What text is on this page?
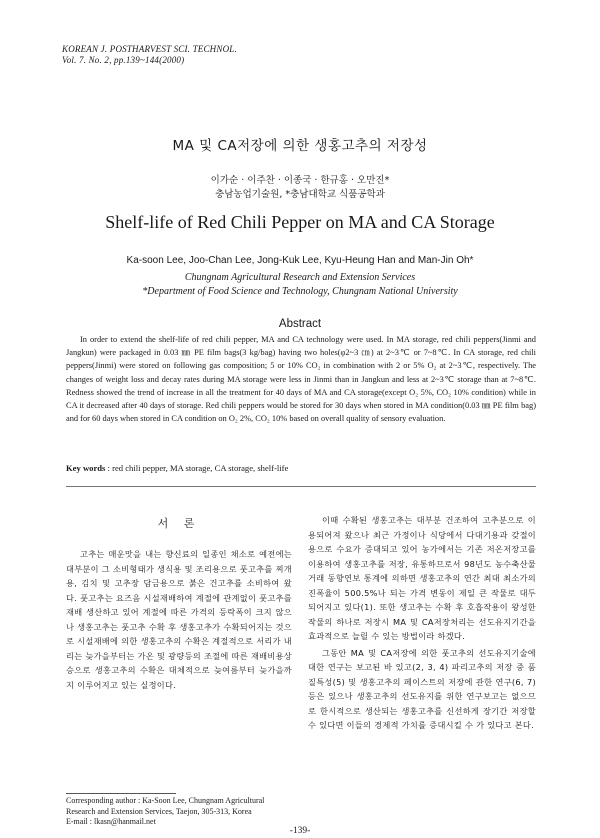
KOREAN J. POSTHARVEST SCI. TECHNOL.
Vol. 7. No. 2, pp.139~144(2000)
MA 및 CA저장에 의한 생홍고추의 저장성
이가순 · 이주찬 · 이종국 · 한규홍 · 오만진*
충남농업기술원, *충남대학교 식품공학과
Shelf-life of Red Chili Pepper on MA and CA Storage
Ka-soon Lee, Joo-Chan Lee, Jong-Kuk Lee, Kyu-Heung Han and Man-Jin Oh*
Chungnam Agricultural Research and Extension Services
*Department of Food Science and Technology, Chungnam National University
Abstract
In order to extend the shelf-life of red chili pepper, MA and CA technology were used. In MA storage, red chili peppers(Jinmi and Jangkun) were packaged in 0.03 ㎜ PE film bags(3 kg/bag) having two holes(φ2~3 ㎝) at 2~3℃ or 7~8℃. In CA storage, red chili peppers(Jinmi) were stored on following gas composition; 5 or 10% CO₂ in combination with 2 or 5% O₂ at 2~3℃, respectively. The changes of weight loss and decay rates during MA storage were less in Jinmi than in Jangkun and less at 2~3℃ storage than at 7~8℃. Redness showed the trend of increase in all the treatment for 40 days of MA and CA storage(except O₂ 5%, CO₂ 10% condition) while in CA it decreased after 40 days of storage. Red chili peppers would be stored for 30 days when stored in MA condition(0.03 ㎜ PE film bag) and for 60 days when stored in CA condition on O₂ 2%, CO₂ 10% based on overall quality of sensory evaluation.
Key words : red chili pepper, MA storage, CA storage, shelf-life
서 론

고추는 매운맛을 내는 향신료의 일종인 채소로 예전에는 대부분이 그 소비형태가 생식용 및 조리용으로 풋고추를 찌개용, 김치 및 고추장 담금용으로 붉은 건고추를 소비하여 왔다. 풋고추는 요즈음 시설재배하여 계절에 관계없이 풋고추를 재배 생산하고 있어 계절에 따른 가격의 등락폭이 크지 않으나 생홍고추는 풋고추 수확 후 생홍고추가 수확되어지는 것으로 시설재배에 의한 생홍고추의 수확은 계절적으로 서리가 내리는 늦가을부터는 가온 및 광량등의 조절에 따른 재배비용상승으로 생홍고추의 수확은 대체적으로 늦여름부터 늦가을까지 이루어지고 있는 실정이다.

이때 수확된 생홍고추는 대부분 건조하여 고추분으로 이용되어져 왔으나 최근 가정이나 식당에서 다대기용과 갖절이용으로 수요가 증대되고 있어 농가에서는 기존 저온저장고를 이용하여 생홍고추를 저장, 유통하므로서 98년도 농수축산물 거래 동향연보 통계에 의하면 생홍고추의 연간 최대 최소가의 진폭율이 500.5%나 되는 가격 변동이 제일 큰 작물로 대두되어지고 있다(1). 또한 생고추는 수확 후 호흡작용이 왕성한 작물의 하나로 저장시 MA 및 CA저장처리는 선도유지기간을 효과적으로 늘릴 수 있는 방법이라 하겠다.

그동안 MA 및 CA저장에 의한 풋고추의 선도유지기술에 대한 연구는 보고된 바 있고(2, 3, 4) 파리고추의 저장 중 품질특성(5) 및 생홍고추의 페이스트의 저장에 관한 연구(6, 7)등은 있으나 생홍고추의 선도유지를 위한 연구보고는 없으므로 한시적으로 생산되는 생홍고추를 신선하게 장기간 저장할 수 있다면 이들의 경제적 가치를 증대시킬 수 가 있다고 본다.

Corresponding author : Ka-Soon Lee, Chungnam Agricultural
Research and Extension Services, Taejon, 305-313, Korea
E-mail : lkasn@hanmail.net
-139-
